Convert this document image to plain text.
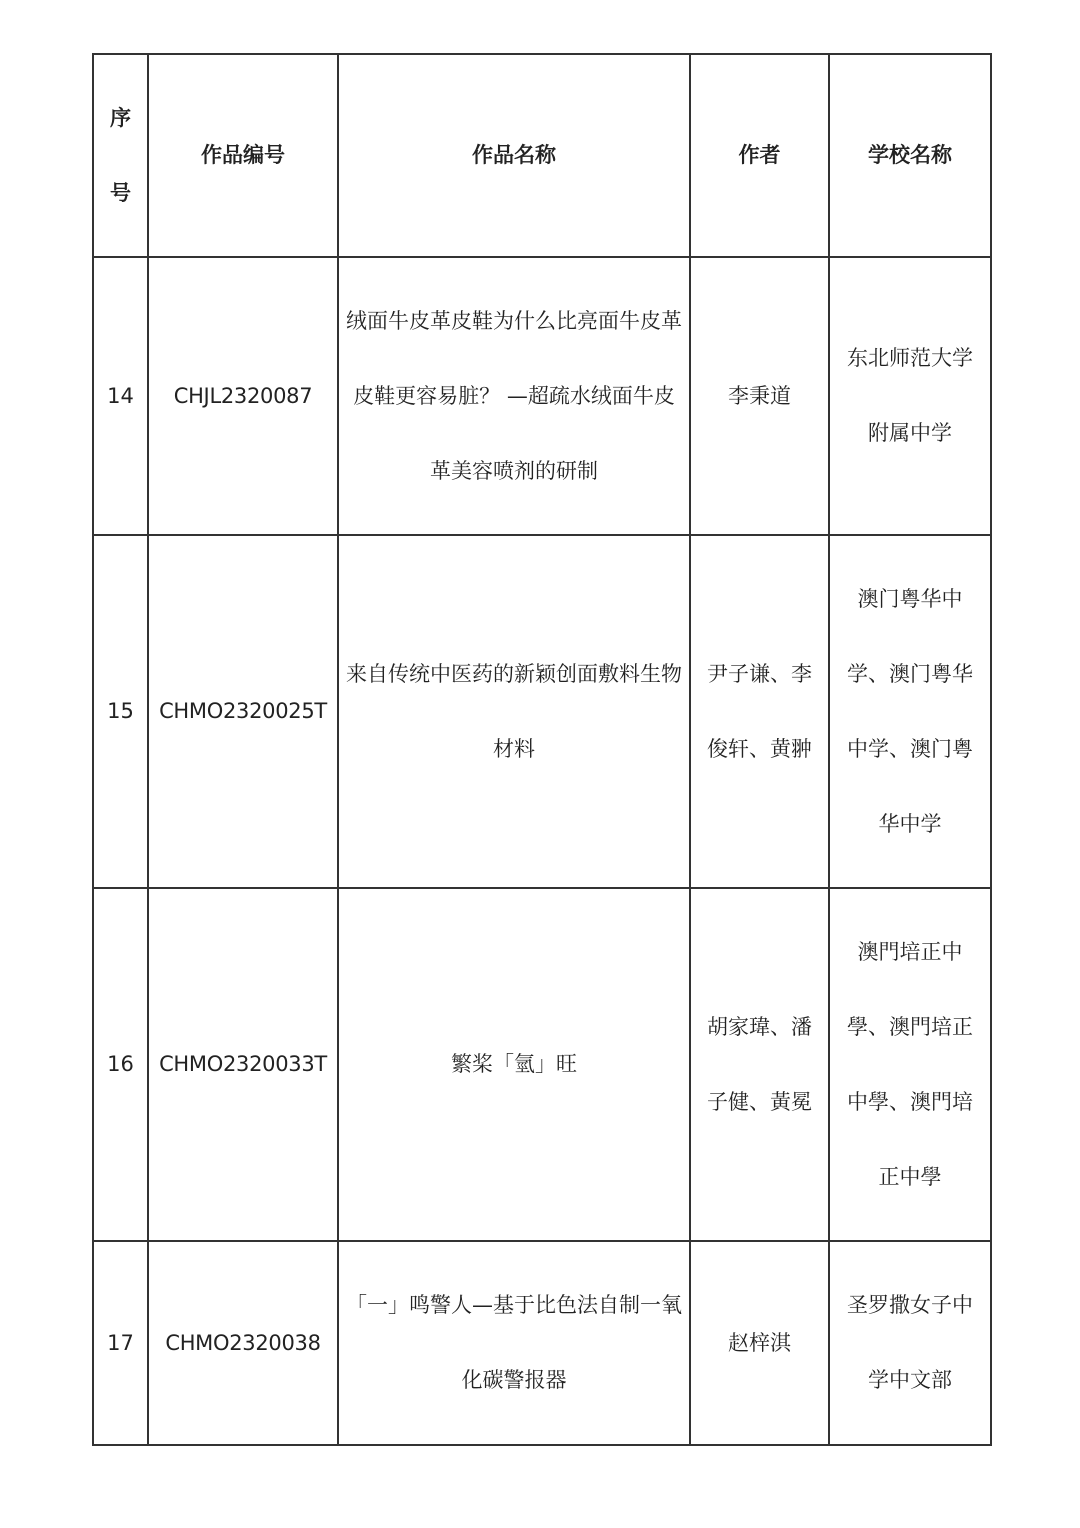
序号	作品编号	作品名称	作者	学校名称
14	CHJL2320087	绒面牛皮革皮鞋为什么比亮面牛皮革皮鞋更容易脏？ —超疏水绒面牛皮革美容喷剂的研制	李秉道	东北师范大学附属中学

15	CHMO2320025T	来自传统中医药的新颖创面敷料生物材料	尹子谦、李俊轩、黄翀	澳门粤华中学、澳门粤华中学、澳门粤华中学

16	CHMO2320033T	繁桨「氫」旺	胡家瑋、潘子健、黃冕	澳門培正中學、澳門培正中學、澳門培正中學

17	CHMO2320038	「一」鸣警人—基于比色法自制一氧化碳警报器	赵梓淇	圣罗撒女子中学中文部
